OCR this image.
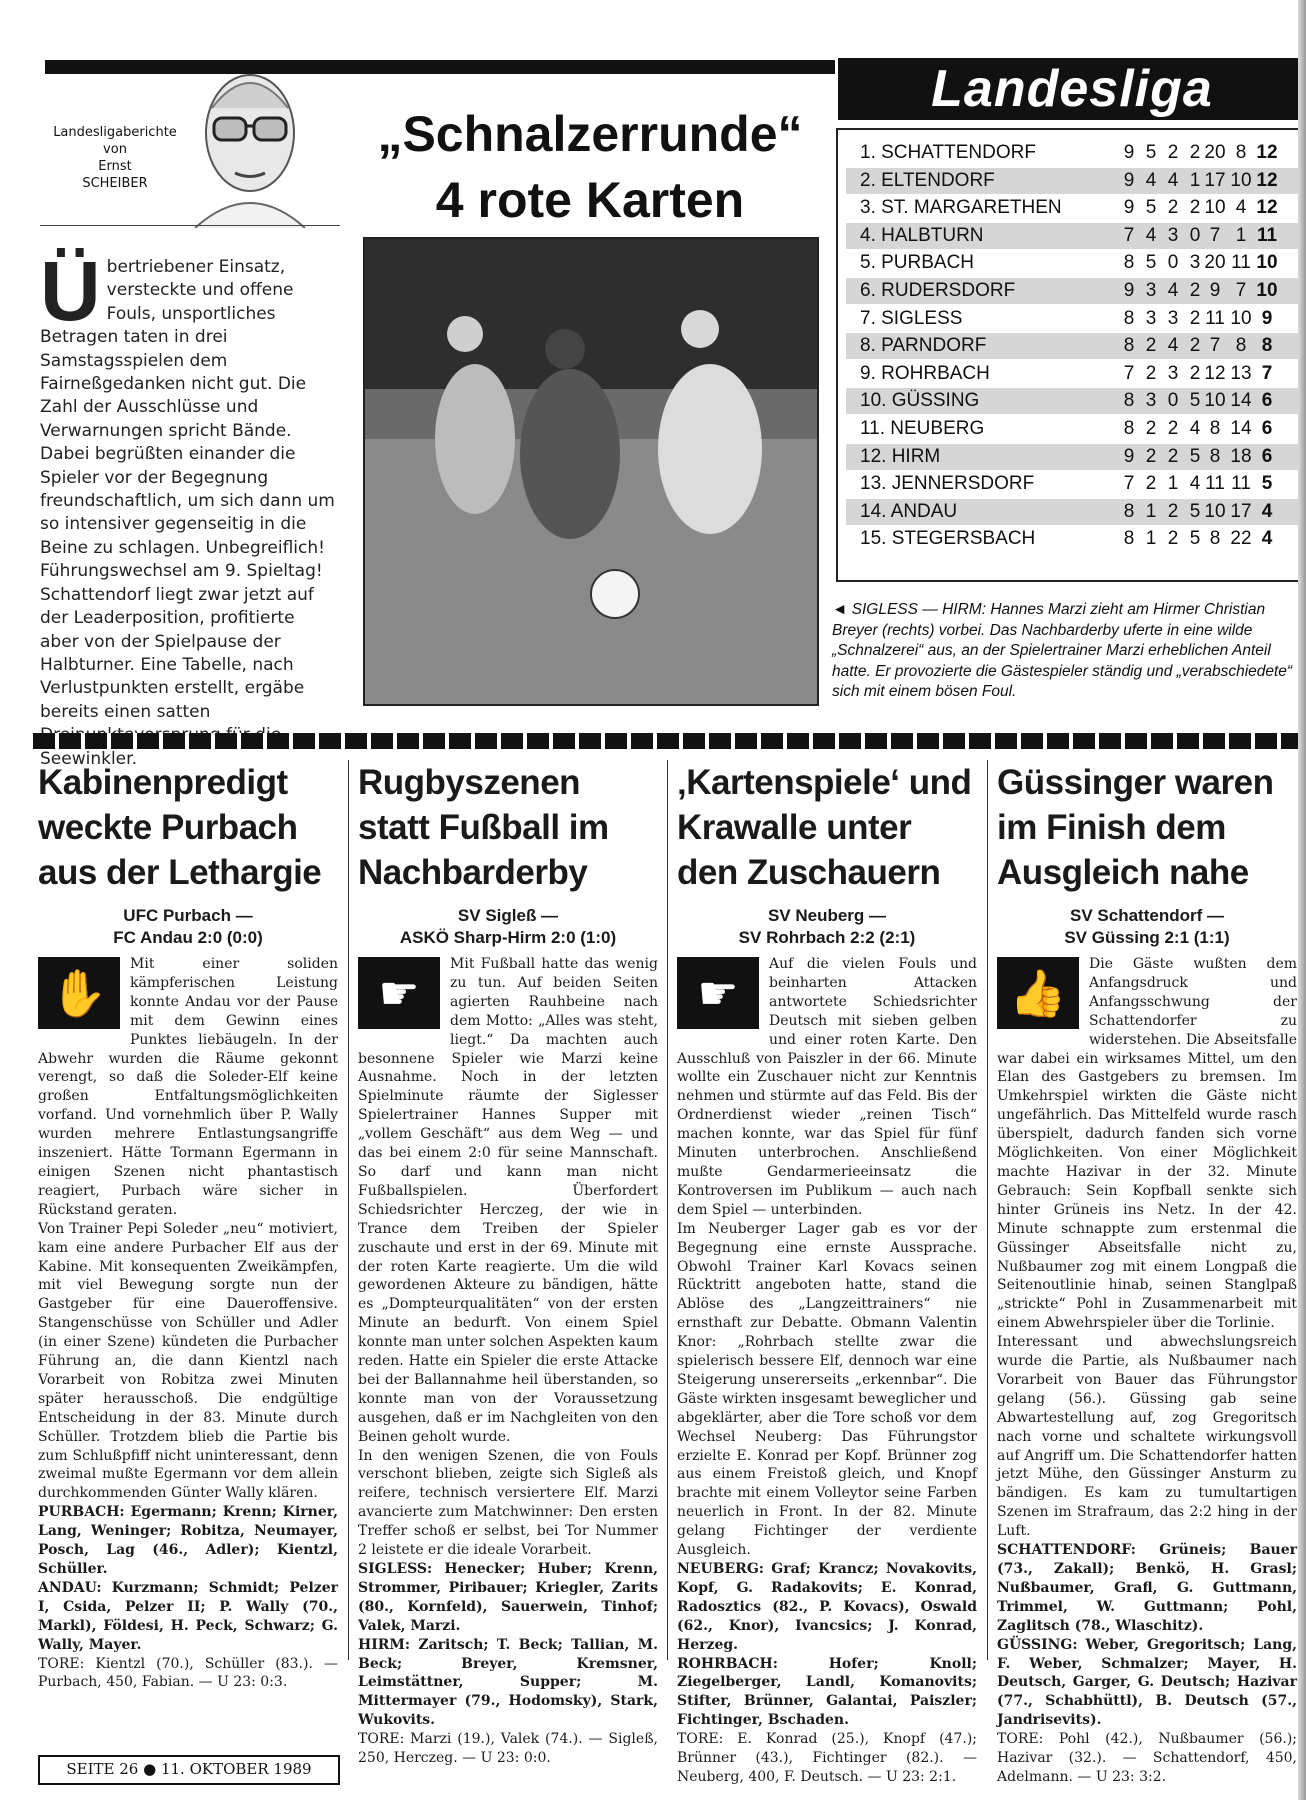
Landesligaberichte
von
Ernst
SCHEIBER
„Schnalzerrunde“
4 rote Karten
Ü bertriebener Einsatz, versteckte und offene Fouls, unsportliches Betragen taten in drei Samstagsspielen dem Fairneßgedanken nicht gut. Die Zahl der Ausschlüsse und Verwarnungen spricht Bände. Dabei begrüßten einander die Spieler vor der Begegnung freundschaftlich, um sich dann um so intensiver gegenseitig in die Beine zu schlagen. Unbegreiflich!

Führungswechsel am 9. Spieltag! Schattendorf liegt zwar jetzt auf der Leaderposition, profitierte aber von der Spielpause der Halbturner. Eine Tabelle, nach Verlustpunkten erstellt, ergäbe bereits einen satten Seewinkler.

Landesliga
1. SCHATTENDORF	9 5 2 2 20 8 12
2. ELTENDORF	9 4 4 1 17 10 12
3. ST. MARGARETHEN	9 5 2 2 10 4 12
4. HALBTURN	7 4 3 0 7 1 11
5. PURBACH	8 5 0 3 20 11 10
6. RUDERSDORF	9 3 4 2 9 7 10
7. SIGLESS	8 3 3 2 11 10 9
8. PARNDORF	8 2 4 2 7 8 8
9. ROHRBACH	7 2 3 2 12 13 7
10. GÜSSING	8 3 0 5 10 14 6
11. NEUBERG	8 2 2 4 8 14 6
12. HIRM	9 2 2 5 8 18 6
13. JENNERSDORF	7 2 1 4 11 11 5
14. ANDAU	8 1 2 5 10 17 4
15. STEGERSBACH	8 1 2 5 8 22 4
◄ SIGLESS — HIRM: Hannes Marzi zieht am Hirmer Christian Breyer (rechts) vorbei. Das Nachbarderby uferte in eine wilde „Schnalzerei“ aus, an der Spielertrainer Marzi erheblichen Anteil hatte. Er provozierte die Gästespieler ständig und „verabschiedete“ sich mit einem bösen Foul.
Kabinenpredigt weckte Purbach aus der Lethargie
UFC Purbach —
FC Andau 2:0 (0:0)
✋

Mit einer soliden kämpferischen Leistung konnte Andau vor der Pause mit dem Gewinn eines Punktes liebäugeln. In der Abwehr wurden die Räume gekonnt verengt, so daß die Soleder-Elf keine großen Entfaltungsmöglichkeiten vorfand. Und vornehmlich über P. Wally wurden mehrere Entlastungsangriffe inszeniert. Hätte Tormann Egermann in einigen Szenen nicht phantastisch reagiert, Purbach wäre sicher in Rückstand geraten.

Von Trainer Pepi Soleder „neu“ motiviert, kam eine andere Purbacher Elf aus der Kabine. Mit konsequenten Zweikämpfen, mit viel Bewegung sorgte nun der Gastgeber für eine Daueroffensive. Stangenschüsse von Schüller und Adler (in einer Szene) kündeten die Purbacher Führung an, die dann Kientzl nach Vorarbeit von Robitza zwei Minuten später herausschoß. Die endgültige Entscheidung in der 83. Minute durch Schüller. Trotzdem blieb die Partie bis zum Schlußpfiff nicht uninteressant, denn zweimal mußte Egermann vor dem allein durchkommenden Günter Wally klären.

PURBACH: Egermann; Krenn; Kirner, Lang, Weninger; Robitza, Neumayer, Posch, Lag (46., Adler); Kientzl, Schüller.

ANDAU: Kurzmann; Schmidt; Pelzer I, Csida, Pelzer II; P. Wally (70., Markl), Földesi, H. Peck, Schwarz; G. Wally, Mayer.

TORE: Kientzl (70.), Schüller (83.). — Purbach, 450, Fabian. — U 23: 0:3.

Rugbyszenen statt Fußball im Nachbarderby
SV Sigleß —
ASKÖ Sharp-Hirm 2:0 (1:0)
☛

Mit Fußball hatte das wenig zu tun. Auf beiden Seiten agierten Rauhbeine nach dem Motto: „Alles was steht, liegt.“ Da machten auch besonnene Spieler wie Marzi keine Ausnahme. Noch in der letzten Spielminute räumte der Siglesser Spielertrainer Hannes Supper mit „vollem Geschäft“ aus dem Weg — und das bei einem 2:0 für seine Mannschaft. So darf und kann man nicht Fußballspielen. Überfordert Schiedsrichter Herczeg, der wie in Trance dem Treiben der Spieler zuschaute und erst in der 69. Minute mit der roten Karte reagierte. Um die wild gewordenen Akteure zu bändigen, hätte es „Dompteurqualitäten“ von der ersten Minute an bedurft. Von einem Spiel konnte man unter solchen Aspekten kaum reden. Hatte ein Spieler die erste Attacke bei der Ballannahme heil überstanden, so konnte man von der Voraussetzung ausgehen, daß er im Nachgleiten von den Beinen geholt wurde.

In den wenigen Szenen, die von Fouls verschont blieben, zeigte sich Sigleß als reifere, technisch versiertere Elf. Marzi avancierte zum Matchwinner: Den ersten Treffer schoß er selbst, bei Tor Nummer 2 leistete er die ideale Vorarbeit.

SIGLESS: Henecker; Huber; Krenn, Strommer, Piribauer; Kriegler, Zarits (80., Kornfeld), Sauerwein, Tinhof; Valek, Marzi.

HIRM: Zaritsch; T. Beck; Tallian, M. Beck; Breyer, Kremsner, Leimstättner, Supper; M. Mittermayer (79., Hodomsky), Stark, Wukovits.

TORE: Marzi (19.), Valek (74.). — Sigleß, 250, Herczeg. — U 23: 0:0.

‚Kartenspiele‘ und Krawalle unter den Zuschauern
SV Neuberg —
SV Rohrbach 2:2 (2:1)
☛

Auf die vielen Fouls und beinharten Attacken antwortete Schiedsrichter Deutsch mit sieben gelben und einer roten Karte. Den Ausschluß von Paiszler in der 66. Minute wollte ein Zuschauer nicht zur Kenntnis nehmen und stürmte auf das Feld. Bis der Ordnerdienst wieder „reinen Tisch“ machen konnte, war das Spiel für fünf Minuten unterbrochen. Anschließend mußte Gendarmerieeinsatz die Kontroversen im Publikum — auch nach dem Spiel — unterbinden.

Im Neuberger Lager gab es vor der Begegnung eine ernste Aussprache. Obwohl Trainer Karl Kovacs seinen Rücktritt angeboten hatte, stand die Ablöse des „Langzeittrainers“ nie ernsthaft zur Debatte. Obmann Valentin Knor: „Rohrbach stellte zwar die spielerisch bessere Elf, dennoch war eine Steigerung unsererseits „erkennbar“. Die Gäste wirkten insgesamt beweglicher und abgeklärter, aber die Tore schoß vor dem Wechsel Neuberg: Das Führungstor erzielte E. Konrad per Kopf. Brünner zog aus einem Freistoß gleich, und Knopf brachte mit einem Volleytor seine Farben neuerlich in Front. In der 82. Minute gelang Fichtinger der verdiente Ausgleich.

NEUBERG: Graf; Krancz; Novakovits, Kopf, G. Radakovits; E. Konrad, Radosztics (82., P. Kovacs), Oswald (62., Knor), Ivancsics; J. Konrad, Herzeg.

ROHRBACH: Hofer; Knoll; Ziegelberger, Landl, Komanovits; Stifter, Brünner, Galantai, Paiszler; Fichtinger, Bschaden.

TORE: E. Konrad (25.), Knopf (47.); Brünner (43.), Fichtinger (82.). — Neuberg, 400, F. Deutsch. — U 23: 2:1.

Güssinger waren im Finish dem Ausgleich nahe
SV Schattendorf —
SV Güssing 2:1 (1:1)
👍

Die Gäste wußten dem Anfangsdruck und Anfangsschwung der Schattendorfer zu widerstehen. Die Abseitsfalle war dabei ein wirksames Mittel, um den Elan des Gastgebers zu bremsen. Im Umkehrspiel wirkten die Gäste nicht ungefährlich. Das Mittelfeld wurde rasch überspielt, dadurch fanden sich vorne Möglichkeiten. Von einer Möglichkeit machte Hazivar in der 32. Minute Gebrauch: Sein Kopfball senkte sich hinter Grüneis ins Netz. In der 42. Minute schnappte zum erstenmal die Güssinger Abseitsfalle nicht zu, Nußbaumer zog mit einem Longpaß die Seitenoutlinie hinab, seinen Stanglpaß „strickte“ Pohl in Zusammenarbeit mit einem Abwehrspieler über die Torlinie.

Interessant und abwechslungsreich wurde die Partie, als Nußbaumer nach Vorarbeit von Bauer das Führungstor gelang (56.). Güssing gab seine Abwartestellung auf, zog Gregoritsch nach vorne und schaltete wirkungsvoll auf Angriff um. Die Schattendorfer hatten jetzt Mühe, den Güssinger Ansturm zu bändigen. Es kam zu tumultartigen Szenen im Strafraum, das 2:2 hing in der Luft.

SCHATTENDORF: Grüneis; Bauer (73., Zakall); Benkö, H. Grasl; Nußbaumer, Grafl, G. Guttmann, Trimmel, W. Guttmann; Pohl, Zaglitsch (78., Wlaschitz).

GÜSSING: Weber, Gregoritsch; Lang, F. Weber, Schmalzer; Mayer, H. Deutsch, Garger, G. Deutsch; Hazivar (77., Schabhüttl), B. Deutsch (57., Jandrisevits).

TORE: Pohl (42.), Nußbaumer (56.); Hazivar (32.). — Schattendorf, 450, Adelmann. — U 23: 3:2.

SEITE 26 ● 11. OKTOBER 1989
